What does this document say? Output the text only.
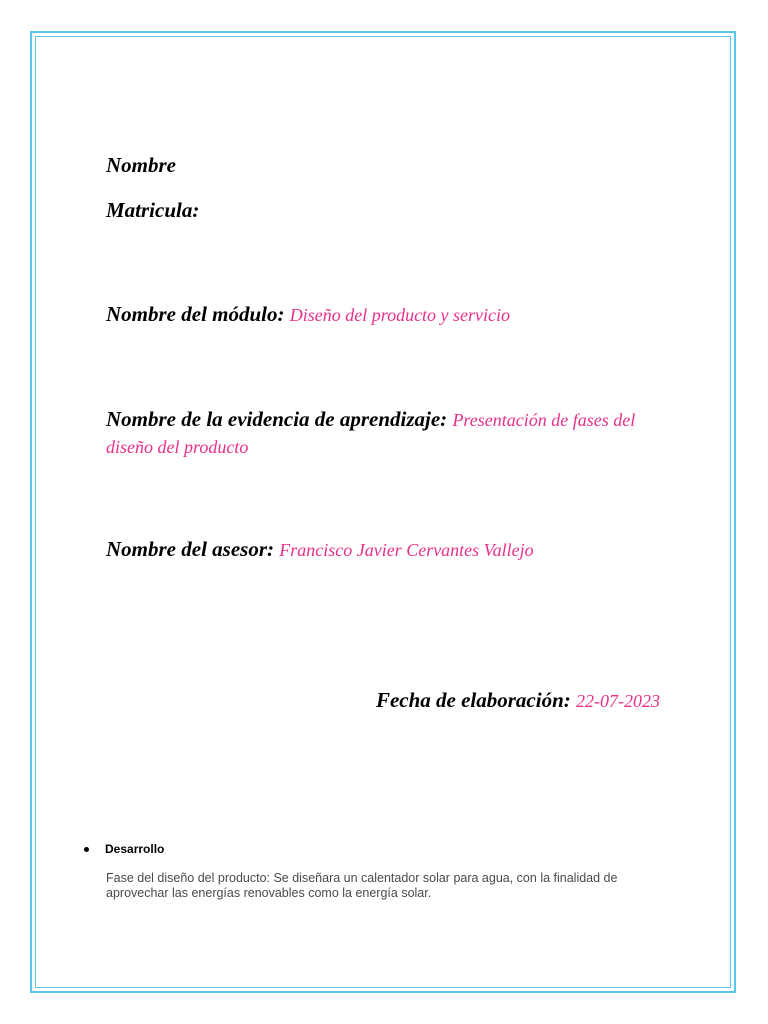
Nombre
Matricula:
Nombre del módulo: Diseño del producto y servicio
Nombre de la evidencia de aprendizaje: Presentación de fases del diseño del producto
Nombre del asesor: Francisco Javier Cervantes Vallejo
Fecha de elaboración: 22-07-2023
Desarrollo
Fase del diseño del producto: Se diseñara un calentador solar para agua, con la finalidad de aprovechar las energías renovables como la energía solar.
